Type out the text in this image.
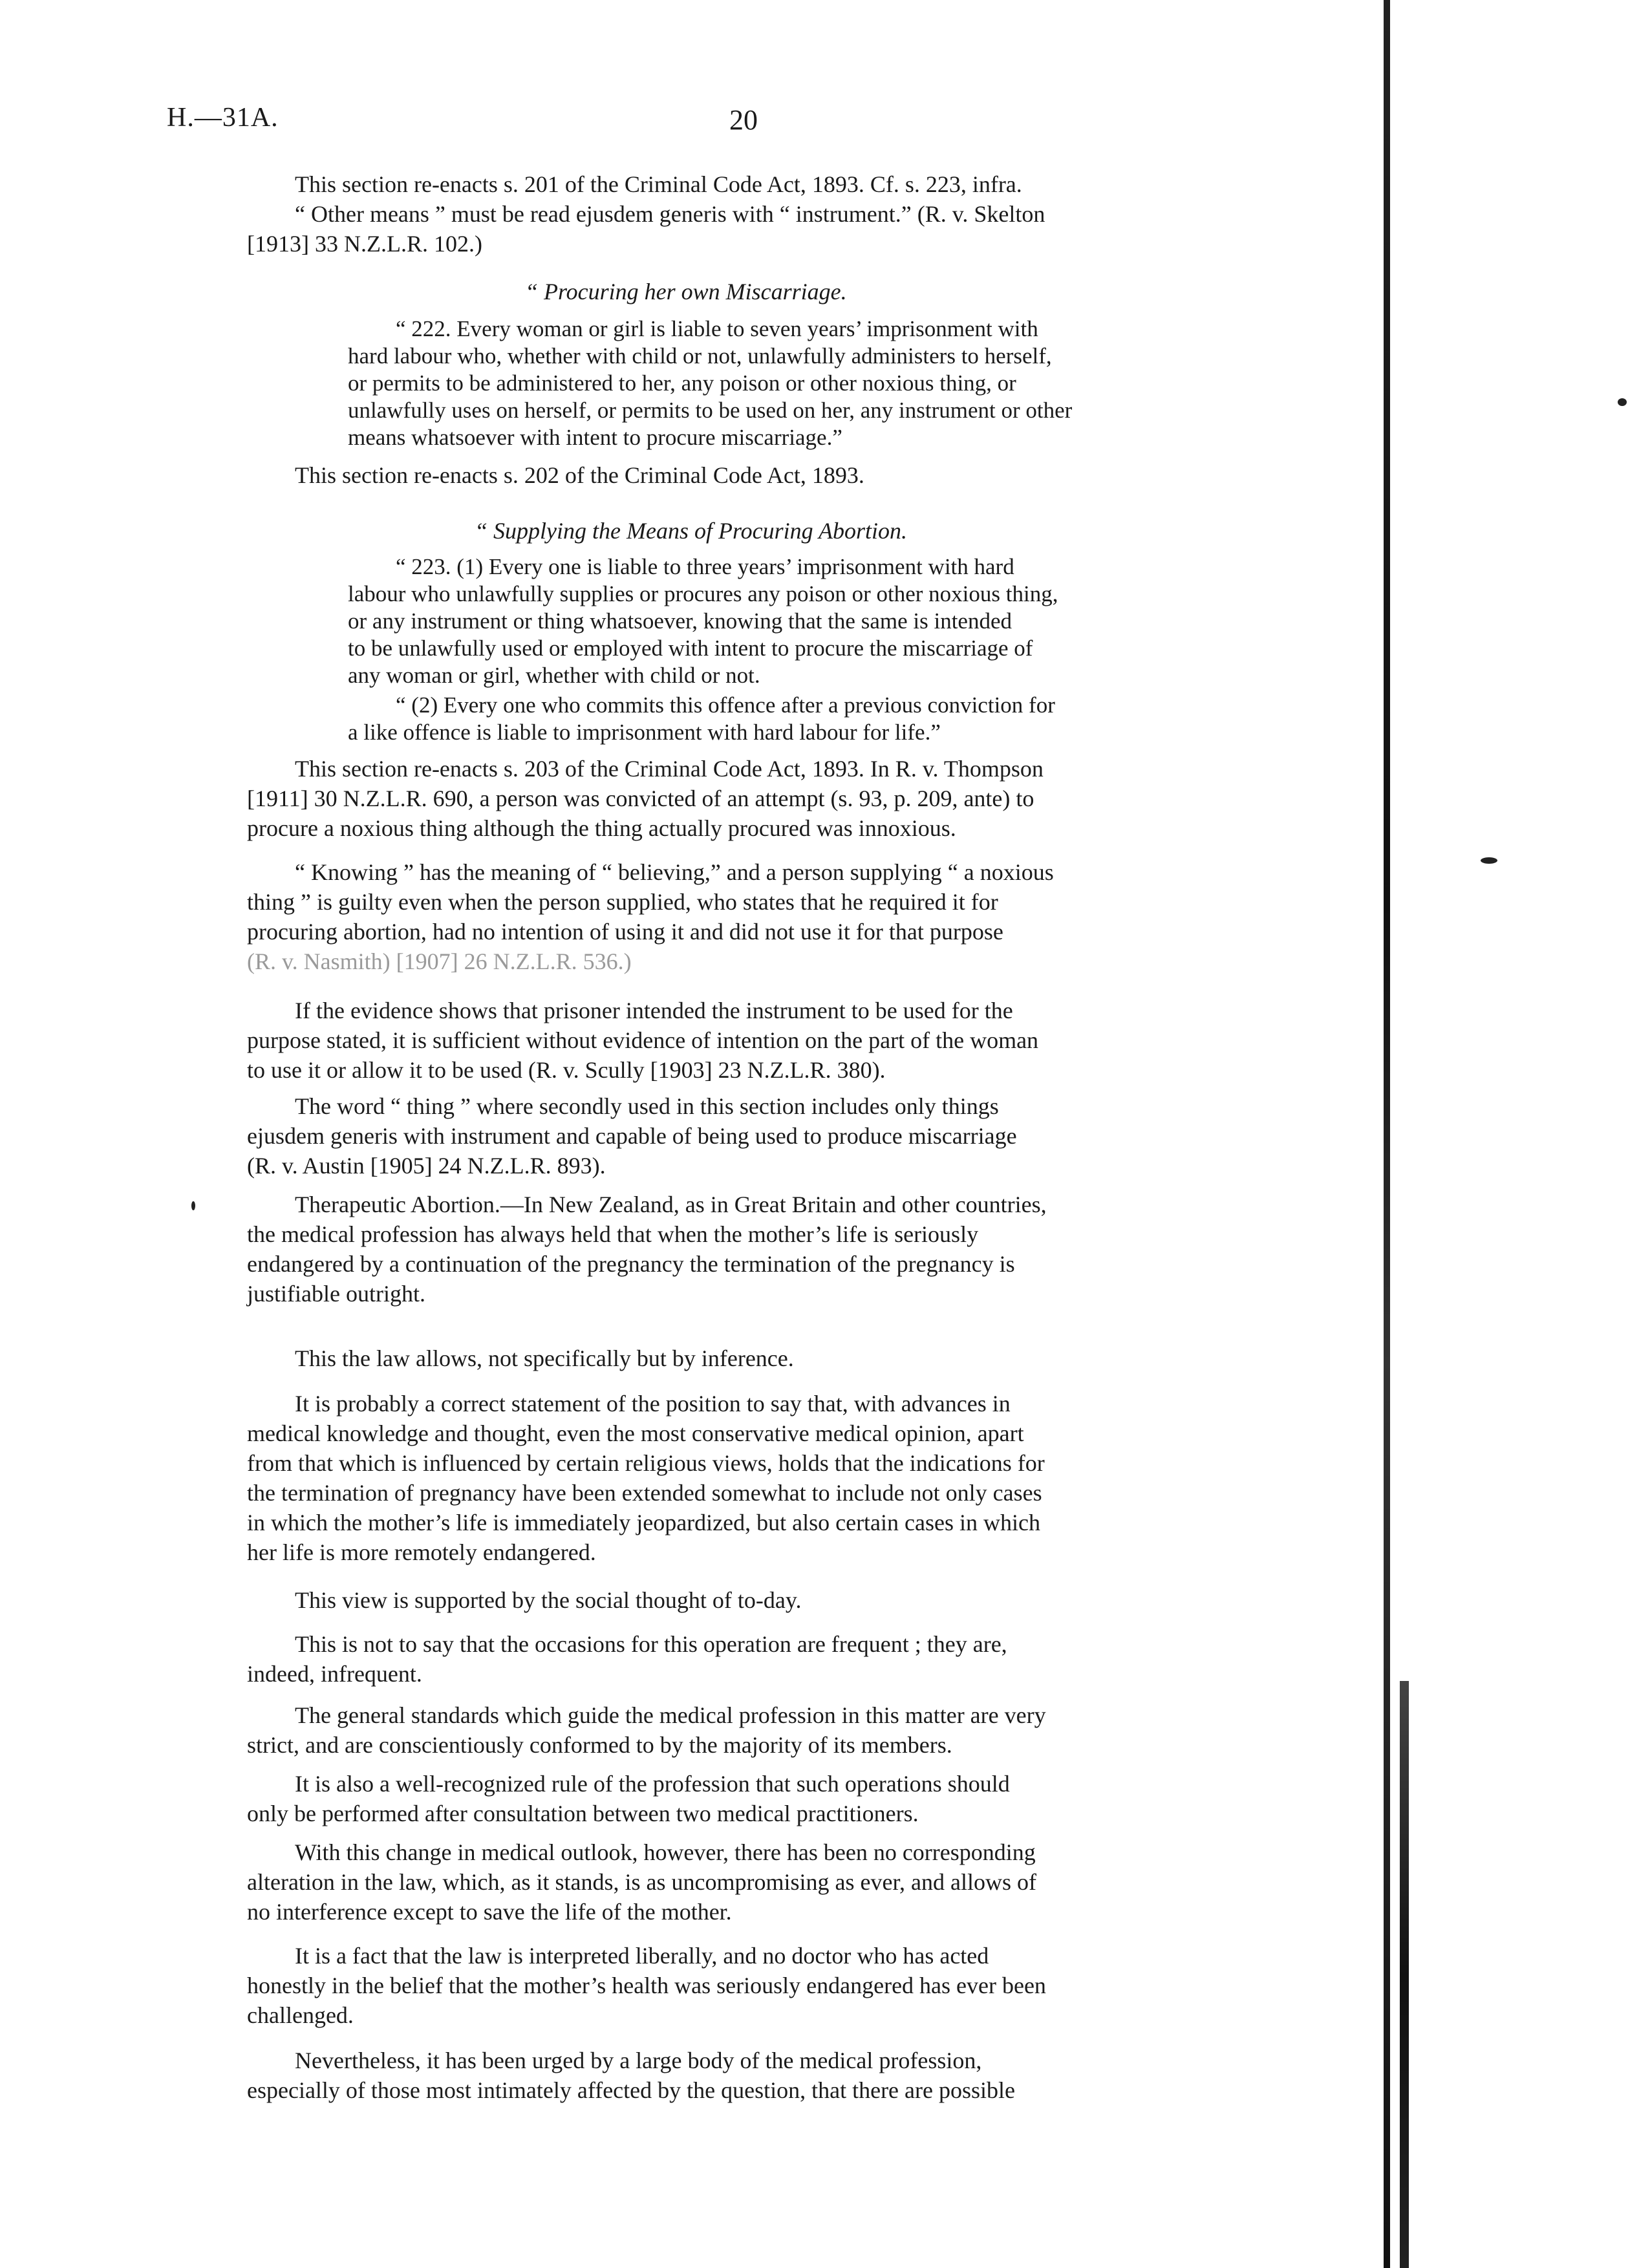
H.—31A.	20
This section re-enacts s. 201 of the Criminal Code Act, 1893. Cf. s. 223, infra.
“ Other means ” must be read ejusdem generis with “ instrument.” (R. v. Skelton
[1913] 33 N.Z.L.R. 102.)
“ Procuring her own Miscarriage.
“ 222. Every woman or girl is liable to seven years’ imprisonment with
hard labour who, whether with child or not, unlawfully administers to herself,
or permits to be administered to her, any poison or other noxious thing, or
unlawfully uses on herself, or permits to be used on her, any instrument or other
means whatsoever with intent to procure miscarriage.”
This section re-enacts s. 202 of the Criminal Code Act, 1893.
“ Supplying the Means of Procuring Abortion.
“ 223. (1) Every one is liable to three years’ imprisonment with hard
labour who unlawfully supplies or procures any poison or other noxious thing,
or any instrument or thing whatsoever, knowing that the same is intended
to be unlawfully used or employed with intent to procure the miscarriage of
any woman or girl, whether with child or not.
“ (2) Every one who commits this offence after a previous conviction for
a like offence is liable to imprisonment with hard labour for life.”
This section re-enacts s. 203 of the Criminal Code Act, 1893. In R. v. Thompson
[1911] 30 N.Z.L.R. 690, a person was convicted of an attempt (s. 93, p. 209, ante) to
procure a noxious thing although the thing actually procured was innoxious.
“ Knowing ” has the meaning of “ believing,” and a person supplying “ a noxious
thing ” is guilty even when the person supplied, who states that he required it for
procuring abortion, had no intention of using it and did not use it for that purpose
(R. v. Nasmith) [1907] 26 N.Z.L.R. 536.)
If the evidence shows that prisoner intended the instrument to be used for the
purpose stated, it is sufficient without evidence of intention on the part of the woman
to use it or allow it to be used (R. v. Scully [1903] 23 N.Z.L.R. 380).
The word “ thing ” where secondly used in this section includes only things
ejusdem generis with instrument and capable of being used to produce miscarriage
(R. v. Austin [1905] 24 N.Z.L.R. 893).
Therapeutic Abortion.—In New Zealand, as in Great Britain and other countries,
the medical profession has always held that when the mother’s life is seriously
endangered by a continuation of the pregnancy the termination of the pregnancy is
justifiable outright.
This the law allows, not specifically but by inference.
It is probably a correct statement of the position to say that, with advances in
medical knowledge and thought, even the most conservative medical opinion, apart
from that which is influenced by certain religious views, holds that the indications for
the termination of pregnancy have been extended somewhat to include not only cases
in which the mother’s life is immediately jeopardized, but also certain cases in which
her life is more remotely endangered.
This view is supported by the social thought of to-day.
This is not to say that the occasions for this operation are frequent ; they are,
indeed, infrequent.
The general standards which guide the medical profession in this matter are very
strict, and are conscientiously conformed to by the majority of its members.
It is also a well-recognized rule of the profession that such operations should
only be performed after consultation between two medical practitioners.
With this change in medical outlook, however, there has been no corresponding
alteration in the law, which, as it stands, is as uncompromising as ever, and allows of
no interference except to save the life of the mother.
It is a fact that the law is interpreted liberally, and no doctor who has acted
honestly in the belief that the mother’s health was seriously endangered has ever been
challenged.
Nevertheless, it has been urged by a large body of the medical profession,
especially of those most intimately affected by the question, that there are possible
